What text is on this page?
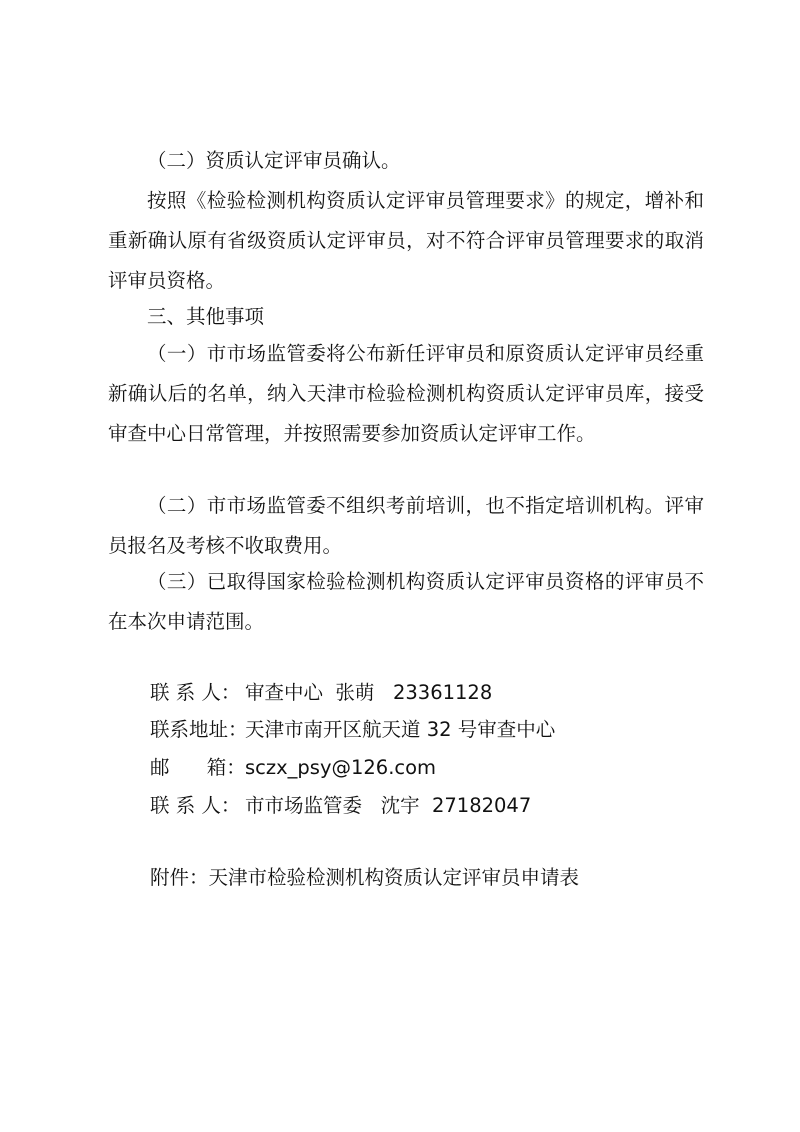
（二）资质认定评审员确认。

按照《检验检测机构资质认定评审员管理要求》的规定，增补和重新确认原有省级资质认定评审员，对不符合评审员管理要求的取消评审员资格。

三、其他事项

（一）市市场监管委将公布新任评审员和原资质认定评审员经重新确认后的名单，纳入天津市检验检测机构资质认定评审员库，接受审查中心日常管理，并按照需要参加资质认定评审工作。

（二）市市场监管委不组织考前培训，也不指定培训机构。评审员报名及考核不收取费用。

（三）已取得国家检验检测机构资质认定评审员资格的评审员不在本次申请范围。

联 系 人： 审查中心  张萌   23361128
联系地址：天津市南开区航天道 32 号审查中心
邮      箱：sczx_psy@126.com
联 系 人： 市市场监管委   沈宇  27182047
附件：天津市检验检测机构资质认定评审员申请表
